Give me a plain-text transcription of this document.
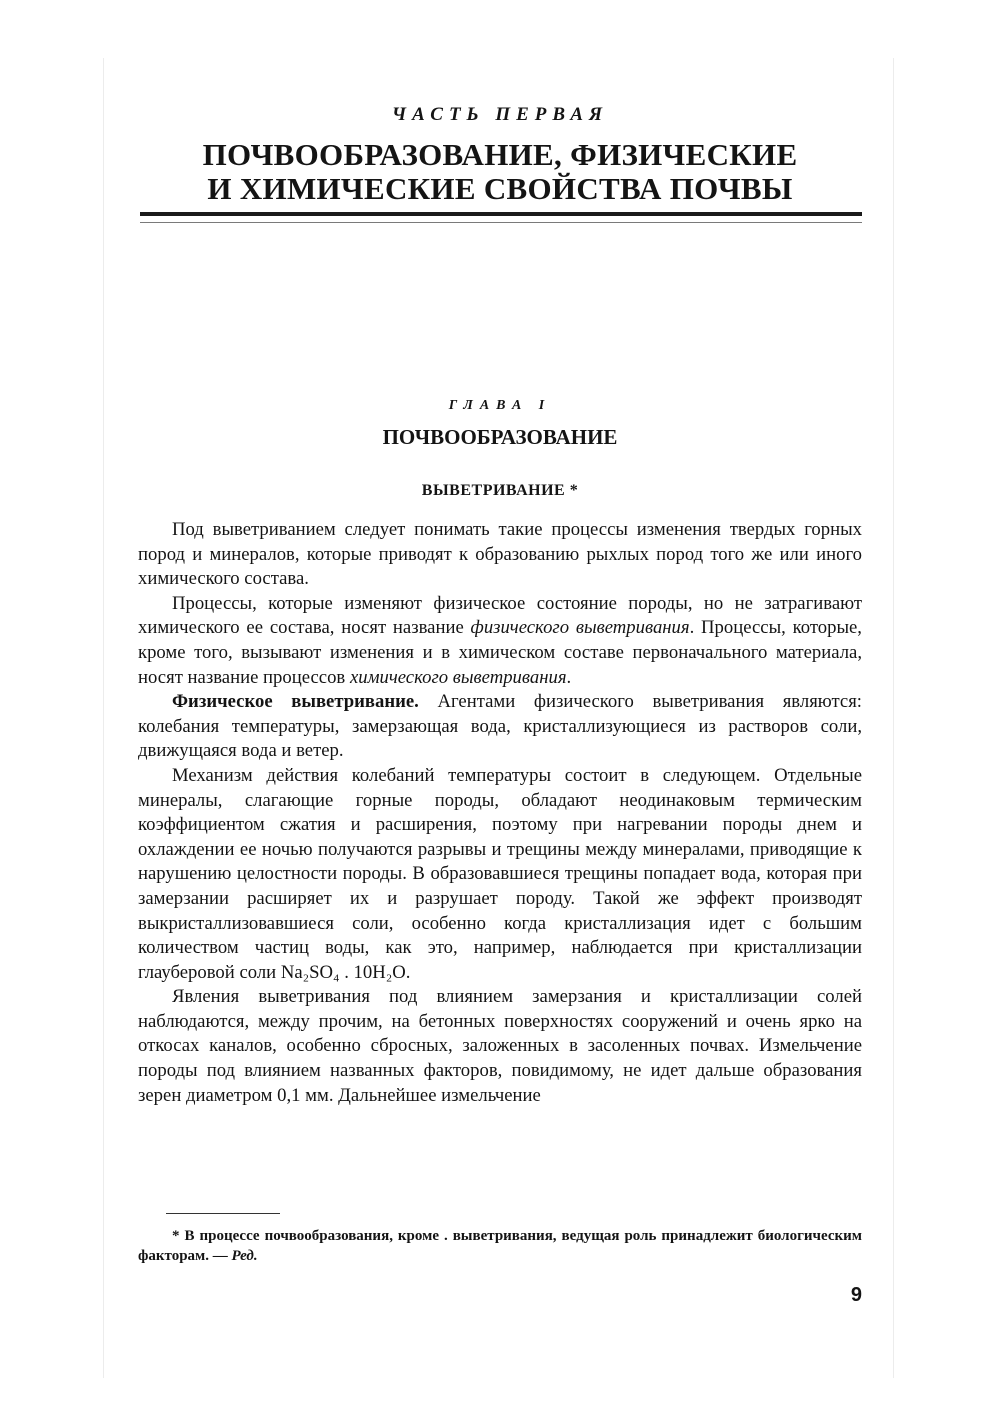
ЧАСТЬ ПЕРВАЯ
ПОЧВООБРАЗОВАНИЕ, ФИЗИЧЕСКИЕ
И ХИМИЧЕСКИЕ СВОЙСТВА ПОЧВЫ
ГЛАВА I
ПОЧВООБРАЗОВАНИЕ
ВЫВЕТРИВАНИЕ *

Под выветриванием следует понимать такие процессы изменения твердых горных пород и минералов, которые приводят к образованию рыхлых пород того же или иного химического состава.

Процессы, которые изменяют физическое состояние породы, но не затрагивают химического ее состава, носят название физического выветривания. Процессы, которые, кроме того, вызывают изменения и в химическом составе первоначального материала, носят название процессов химического выветривания.

Физическое выветривание. Агентами физического выветривания являются: колебания температуры, замерзающая вода, кристаллизующиеся из растворов соли, движущаяся вода и ветер.

Механизм действия колебаний температуры состоит в следующем. Отдельные минералы, слагающие горные породы, обладают неодинаковым термическим коэффициентом сжатия и расширения, поэтому при нагревании породы днем и охлаждении ее ночью получаются разрывы и трещины между минералами, приводящие к нарушению целостности породы. В образовавшиеся трещины попадает вода, которая при замерзании расширяет их и разрушает породу. Такой же эффект производят выкристаллизовавшиеся соли, особенно когда кристаллизация идет с большим количеством частиц воды, как это, например, наблюдается при кристаллизации глауберовой соли Na₂SO₄ . 10H₂O.

Явления выветривания под влиянием замерзания и кристаллизации солей наблюдаются, между прочим, на бетонных поверхностях сооружений и очень ярко на откосах каналов, особенно сбросных, заложенных в засоленных почвах. Измельчение породы под влиянием названных факторов, повидимому, не идет дальше образования зерен диаметром 0,1 мм. Дальнейшее измельчение

* В процессе почвообразования, кроме . выветривания, ведущая роль принадлежит биологическим факторам. — Ред.

9
